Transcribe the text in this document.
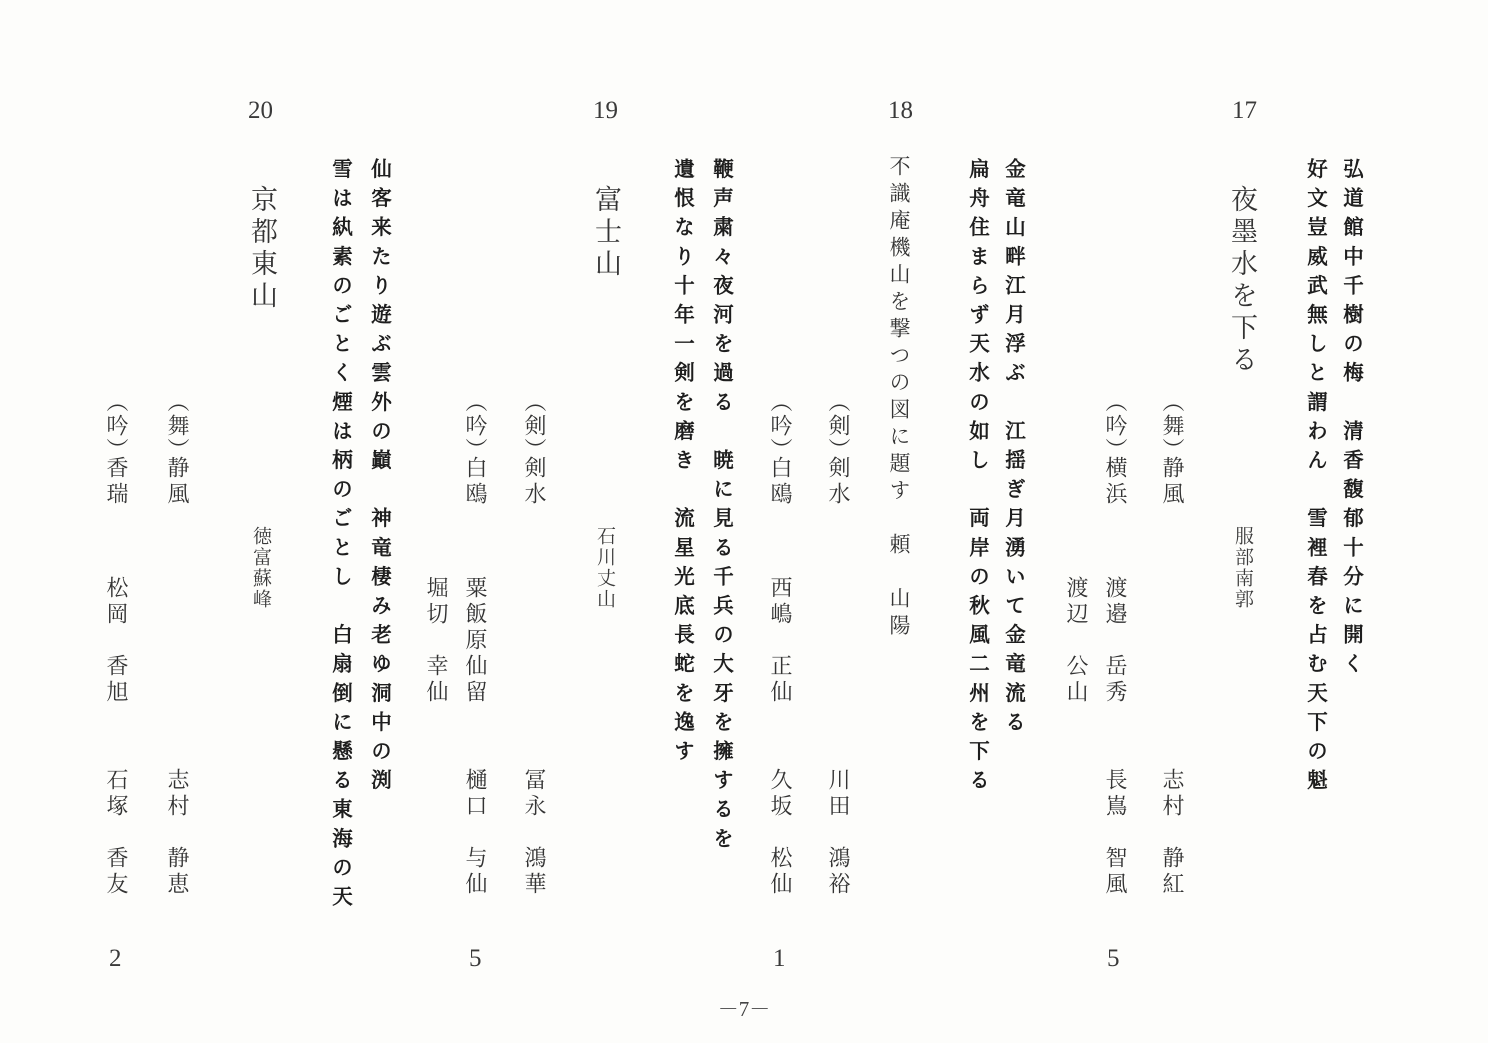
17
弘道館中千樹の梅　清香馥郁十分に開く
好文豈威武無しと謂わん　雪裡春を占む天下の魁
夜墨水を下る
服部南郭
（舞）
静風
志村　静紅
（吟）
横浜
渡邉　岳秀
長嶌　智風
渡辺　公山
5
金竜山畔江月浮ぶ　江揺ぎ月湧いて金竜流る
扁舟住まらず天水の如し　両岸の秋風二州を下る
18
不識庵機山を撃つの図に題す　頼　山陽
（剣）
剣水
川田　鴻裕
（吟）
白鴎
西嶋　正仙
久坂　松仙
1
鞭声粛々夜河を過る　暁に見る千兵の大牙を擁するを
遺恨なり十年一剣を磨き　流星光底長蛇を逸す
19
富士山
石川丈山
（剣）
剣水
冨永　鴻華
（吟）
白鴎
粟飯原仙留
樋口　与仙
堀切　幸仙
5
仙客来たり遊ぶ雲外の巓　神竜棲み老ゆ洞中の渕
雪は紈素のごとく煙は柄のごとし　白扇倒に懸る東海の天
20
京都東山
徳富蘇峰
（舞）
静風
志村　静恵
（吟）
香瑞
松岡　香旭
石塚　香友
2
－7－
